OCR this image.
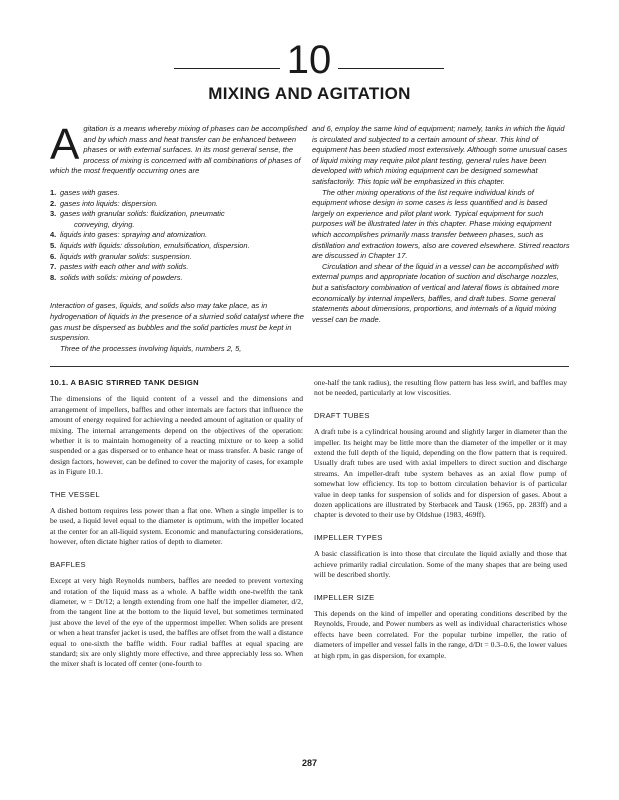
10
MIXING AND AGITATION

Agitation is a means whereby mixing of phases can be accomplished and by which mass and heat transfer can be enhanced between phases or with external surfaces. In its most general sense, the process of mixing is concerned with all combinations of phases of which the most frequently occurring ones are

1. gases with gases.
2. gases into liquids: dispersion.
3. gases with granular solids: fluidization, pneumatic
conveying, drying.
4. liquids into gases: spraying and atomization.
5. liquids with liquids: dissolution, emulsification, dispersion.
6. liquids with granular solids: suspension.
7. pastes with each other and with solids.
8. solids with solids: mixing of powders.

Interaction of gases, liquids, and solids also may take place, as in hydrogenation of liquids in the presence of a slurried solid catalyst where the gas must be dispersed as bubbles and the solid particles must be kept in suspension.

Three of the processes involving liquids, numbers 2, 5,

and 6, employ the same kind of equipment; namely, tanks in which the liquid is circulated and subjected to a certain amount of shear. This kind of equipment has been studied most extensively. Although some unusual cases of liquid mixing may require pilot plant testing, general rules have been developed with which mixing equipment can be designed somewhat satisfactorily. This topic will be emphasized in this chapter.

The other mixing operations of the list require individual kinds of equipment whose design in some cases is less quantified and is based largely on experience and pilot plant work. Typical equipment for such purposes will be illustrated later in this chapter. Phase mixing equipment which accomplishes primarily mass transfer between phases, such as distillation and extraction towers, also are covered elsewhere. Stirred reactors are discussed in Chapter 17.

Circulation and shear of the liquid in a vessel can be accomplished with external pumps and appropriate location of suction and discharge nozzles, but a satisfactory combination of vertical and lateral flows is obtained more economically by internal impellers, baffles, and draft tubes. Some general statements about dimensions, proportions, and internals of a liquid mixing vessel can be made.

10.1. A BASIC STIRRED TANK DESIGN

The dimensions of the liquid content of a vessel and the dimensions and arrangement of impellers, baffles and other internals are factors that influence the amount of energy required for achieving a needed amount of agitation or quality of mixing. The internal arrangements depend on the objectives of the operation: whether it is to maintain homogeneity of a reacting mixture or to keep a solid suspended or a gas dispersed or to enhance heat or mass transfer. A basic range of design factors, however, can be defined to cover the majority of cases, for example as in Figure 10.1.

THE VESSEL

A dished bottom requires less power than a flat one. When a single impeller is to be used, a liquid level equal to the diameter is optimum, with the impeller located at the center for an all-liquid system. Economic and manufacturing considerations, however, often dictate higher ratios of depth to diameter.

BAFFLES

Except at very high Reynolds numbers, baffles are needed to prevent vortexing and rotation of the liquid mass as a whole. A baffle width one-twelfth the tank diameter, w = Dt/12; a length extending from one half the impeller diameter, d/2, from the tangent line at the bottom to the liquid level, but sometimes terminated just above the level of the eye of the uppermost impeller. When solids are present or when a heat transfer jacket is used, the baffles are offset from the wall a distance equal to one-sixth the baffle width. Four radial baffles at equal spacing are standard; six are only slightly more effective, and three appreciably less so. When the mixer shaft is located off center (one-fourth to

one-half the tank radius), the resulting flow pattern has less swirl, and baffles may not be needed, particularly at low viscosities.

DRAFT TUBES

A draft tube is a cylindrical housing around and slightly larger in diameter than the impeller. Its height may be little more than the diameter of the impeller or it may extend the full depth of the liquid, depending on the flow pattern that is required. Usually draft tubes are used with axial impellers to direct suction and discharge streams. An impeller-draft tube system behaves as an axial flow pump of somewhat low efficiency. Its top to bottom circulation behavior is of particular value in deep tanks for suspension of solids and for dispersion of gases. About a dozen applications are illustrated by Sterbacek and Tausk (1965, pp. 283ff) and a chapter is devoted to their use by Oldshue (1983, 469ff).

IMPELLER TYPES

A basic classification is into those that circulate the liquid axially and those that achieve primarily radial circulation. Some of the many shapes that are being used will be described shortly.

IMPELLER SIZE

This depends on the kind of impeller and operating conditions described by the Reynolds, Froude, and Power numbers as well as individual characteristics whose effects have been correlated. For the popular turbine impeller, the ratio of diameters of impeller and vessel falls in the range, d/Dt = 0.3–0.6, the lower values at high rpm, in gas dispersion, for example.

287
